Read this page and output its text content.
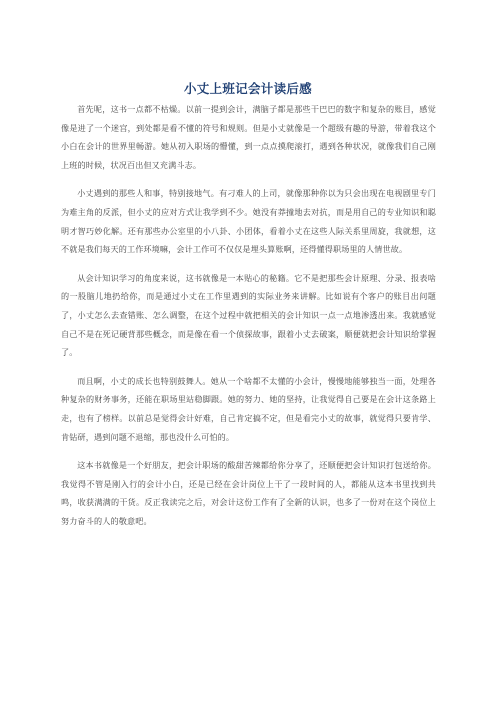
小丈上班记会计读后感

首先呢，这书一点都不枯燥。以前一提到会计，满脑子都是那些干巴巴的数字和复杂的账目，感觉像是进了一个迷宫，到处都是看不懂的符号和规则。但是小丈就像是一个超级有趣的导游，带着我这个小白在会计的世界里畅游。她从初入职场的懵懂，到一点点摸爬滚打，遇到各种状况，就像我们自己刚上班的时候，状况百出但又充满斗志。

小丈遇到的那些人和事，特别接地气。有刁难人的上司，就像那种你以为只会出现在电视剧里专门为难主角的反派，但小丈的应对方式让我学到不少。她没有莽撞地去对抗，而是用自己的专业知识和聪明才智巧妙化解。还有那些办公室里的小八卦、小团体，看着小丈在这些人际关系里周旋，我就想，这不就是我们每天的工作环境嘛，会计工作可不仅仅是埋头算账啊，还得懂得职场里的人情世故。

从会计知识学习的角度来说，这书就像是一本贴心的秘籍。它不是把那些会计原理、分录、报表啥的一股脑儿地扔给你，而是通过小丈在工作里遇到的实际业务来讲解。比如说有个客户的账目出问题了，小丈怎么去查错账、怎么调整，在这个过程中就把相关的会计知识一点一点地渗透出来。我就感觉自己不是在死记硬背那些概念，而是像在看一个侦探故事，跟着小丈去破案，顺便就把会计知识给掌握了。

而且啊，小丈的成长也特别鼓舞人。她从一个啥都不太懂的小会计，慢慢地能够独当一面，处理各种复杂的财务事务，还能在职场里站稳脚跟。她的努力、她的坚持，让我觉得自己要是在会计这条路上走，也有了榜样。以前总是觉得会计好难，自己肯定搞不定，但是看完小丈的故事，就觉得只要肯学、肯钻研，遇到问题不退缩，那也没什么可怕的。

这本书就像是一个好朋友，把会计职场的酸甜苦辣都给你分享了，还顺便把会计知识打包送给你。我觉得不管是刚入行的会计小白，还是已经在会计岗位上干了一段时间的人，都能从这本书里找到共鸣，收获满满的干货。反正我读完之后，对会计这份工作有了全新的认识，也多了一份对在这个岗位上努力奋斗的人的敬意吧。
